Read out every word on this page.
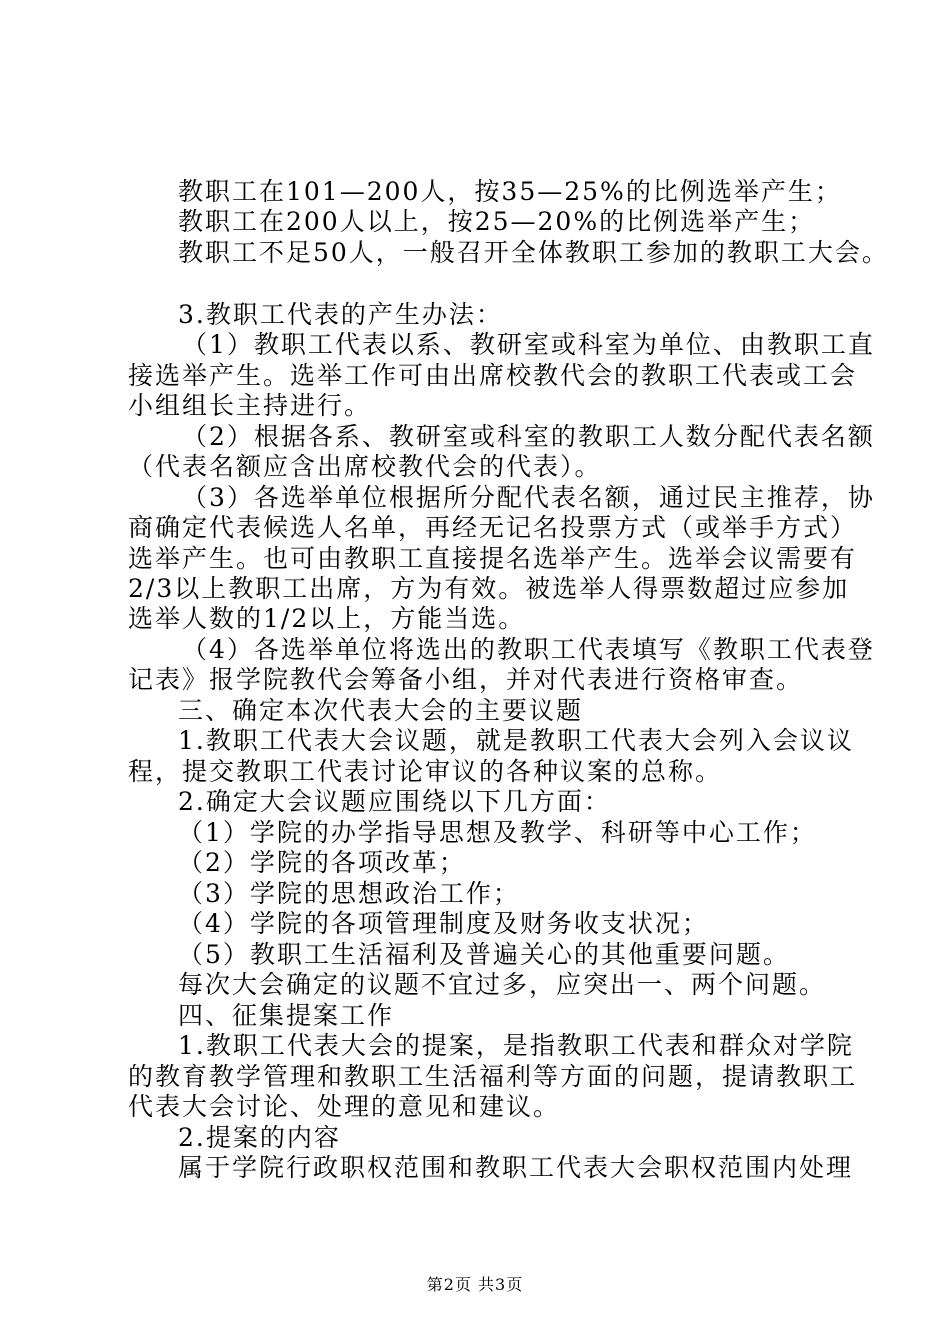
教职工在101—200人，按35—25%的比例选举产生；
教职工在200人以上，按25—20%的比例选举产生；
教职工不足50人，一般召开全体教职工参加的教职工大会。
3.教职工代表的产生办法：
（1）教职工代表以系、教研室或科室为单位、由教职工直
接选举产生。选举工作可由出席校教代会的教职工代表或工会
小组组长主持进行。
（2）根据各系、教研室或科室的教职工人数分配代表名额
（代表名额应含出席校教代会的代表）。
（3）各选举单位根据所分配代表名额，通过民主推荐，协
商确定代表候选人名单，再经无记名投票方式（或举手方式）
选举产生。也可由教职工直接提名选举产生。选举会议需要有
2/3以上教职工出席，方为有效。被选举人得票数超过应参加
选举人数的1/2以上，方能当选。
（4）各选举单位将选出的教职工代表填写《教职工代表登
记表》报学院教代会筹备小组，并对代表进行资格审查。
三、确定本次代表大会的主要议题
1.教职工代表大会议题，就是教职工代表大会列入会议议
程，提交教职工代表讨论审议的各种议案的总称。
2.确定大会议题应围绕以下几方面：
（1）学院的办学指导思想及教学、科研等中心工作；
（2）学院的各项改革；
（3）学院的思想政治工作；
（4）学院的各项管理制度及财务收支状况；
（5）教职工生活福利及普遍关心的其他重要问题。
每次大会确定的议题不宜过多，应突出一、两个问题。
四、征集提案工作
1.教职工代表大会的提案，是指教职工代表和群众对学院
的教育教学管理和教职工生活福利等方面的问题，提请教职工
代表大会讨论、处理的意见和建议。
2.提案的内容
属于学院行政职权范围和教职工代表大会职权范围内处理
第2页 共3页
